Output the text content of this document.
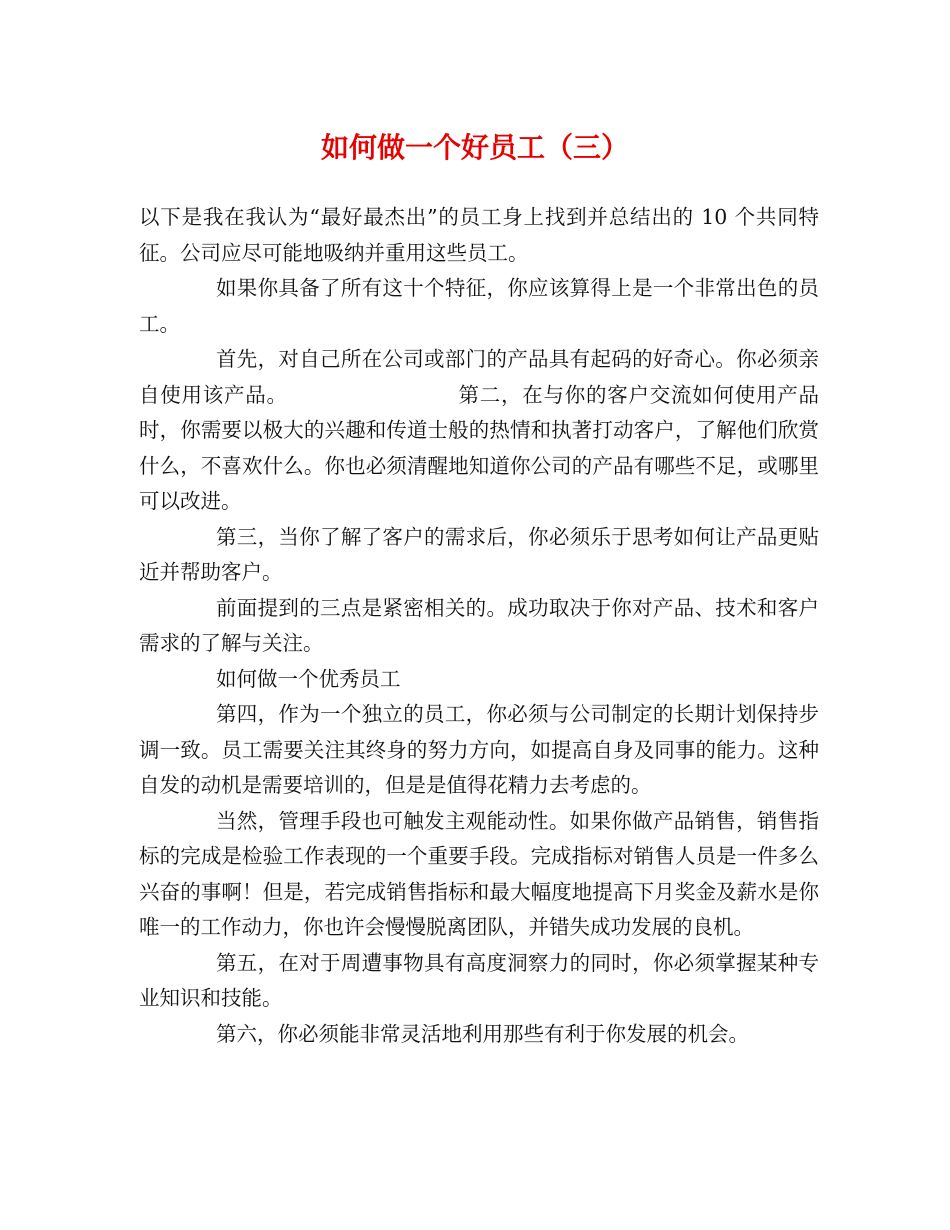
如何做一个好员工（三）

以下是我在我认为“最好最杰出”的员工身上找到并总结出的 10 个共同特征。公司应尽可能地吸纳并重用这些员工。

如果你具备了所有这十个特征，你应该算得上是一个非常出色的员工。

首先，对自己所在公司或部门的产品具有起码的好奇心。你必须亲自使用该产品。	第二，在与你的客户交流如何使用产品时，你需要以极大的兴趣和传道士般的热情和执著打动客户，了解他们欣赏什么，不喜欢什么。你也必须清醒地知道你公司的产品有哪些不足，或哪里可以改进。

第三，当你了解了客户的需求后，你必须乐于思考如何让产品更贴近并帮助客户。

前面提到的三点是紧密相关的。成功取决于你对产品、技术和客户需求的了解与关注。

如何做一个优秀员工

第四，作为一个独立的员工，你必须与公司制定的长期计划保持步调一致。员工需要关注其终身的努力方向，如提高自身及同事的能力。这种自发的动机是需要培训的，但是是值得花精力去考虑的。

当然，管理手段也可触发主观能动性。如果你做产品销售，销售指标的完成是检验工作表现的一个重要手段。完成指标对销售人员是一件多么兴奋的事啊！但是，若完成销售指标和最大幅度地提高下月奖金及薪水是你唯一的工作动力，你也许会慢慢脱离团队，并错失成功发展的良机。

第五，在对于周遭事物具有高度洞察力的同时，你必须掌握某种专业知识和技能。

第六，你必须能非常灵活地利用那些有利于你发展的机会。
